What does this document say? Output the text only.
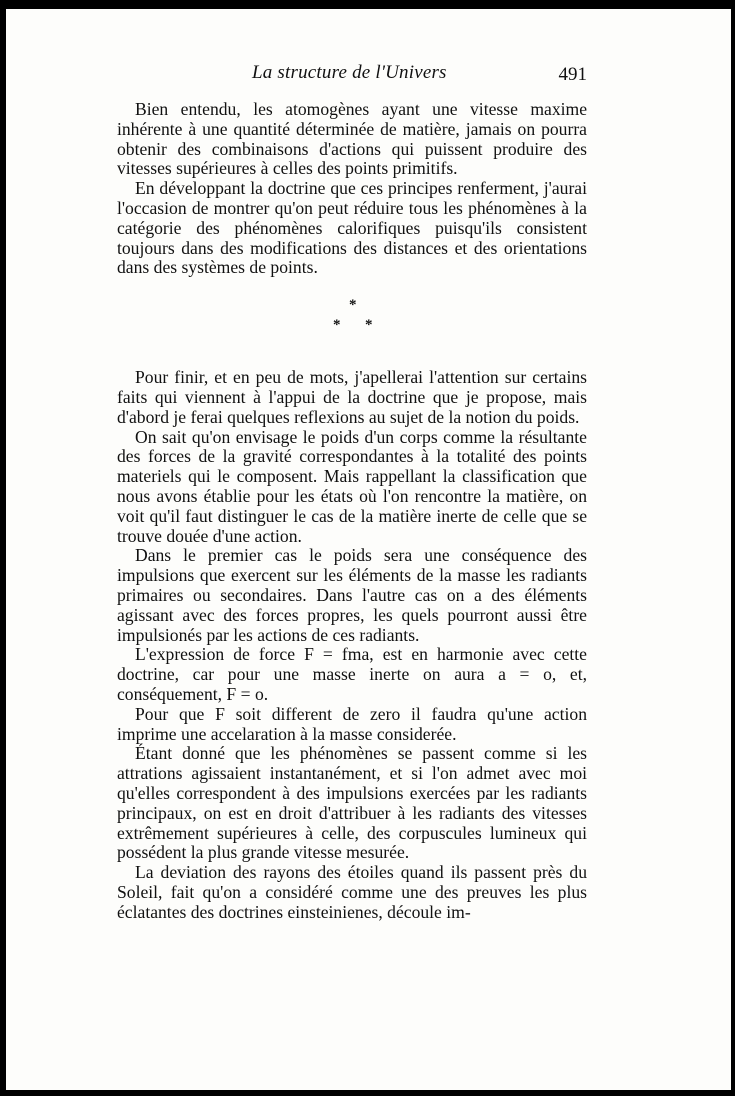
La structure de l'Univers	491

Bien entendu, les atomogènes ayant une vitesse maxime inhérente à une quantité déterminée de matière, jamais on pourra obtenir des combinaisons d'actions qui puissent produire des vitesses supérieures à celles des points primitifs.

En développant la doctrine que ces principes renferment, j'aurai l'occasion de montrer qu'on peut réduire tous les phénomènes à la catégorie des phénomènes calorifiques puisqu'ils consistent toujours dans des modifications des distances et des orientations dans des systèmes de points.

*
* *

Pour finir, et en peu de mots, j'apellerai l'attention sur certains faits qui viennent à l'appui de la doctrine que je propose, mais d'abord je ferai quelques reflexions au sujet de la notion du poids.

On sait qu'on envisage le poids d'un corps comme la résultante des forces de la gravité correspondantes à la totalité des points materiels qui le composent. Mais rappellant la classification que nous avons établie pour les états où l'on rencontre la matière, on voit qu'il faut distinguer le cas de la matière inerte de celle que se trouve douée d'une action.

Dans le premier cas le poids sera une conséquence des impulsions que exercent sur les éléments de la masse les radiants primaires ou secondaires. Dans l'autre cas on a des éléments agissant avec des forces propres, les quels pourront aussi être impulsionés par les actions de ces radiants.

L'expression de force F = fma, est en harmonie avec cette doctrine, car pour une masse inerte on aura a = o, et, conséquement, F = o.

Pour que F soit different de zero il faudra qu'une action imprime une accelaration à la masse considerée.

Étant donné que les phénomènes se passent comme si les attrations agissaient instantanément, et si l'on admet avec moi qu'elles correspondent à des impulsions exercées par les radiants principaux, on est en droit d'attribuer à les radiants des vitesses extrêmement supérieures à celle, des corpuscules lumineux qui possédent la plus grande vitesse mesurée.

La deviation des rayons des étoiles quand ils passent près du Soleil, fait qu'on a considéré comme une des preuves les plus éclatantes des doctrines einsteinienes, découle im-
